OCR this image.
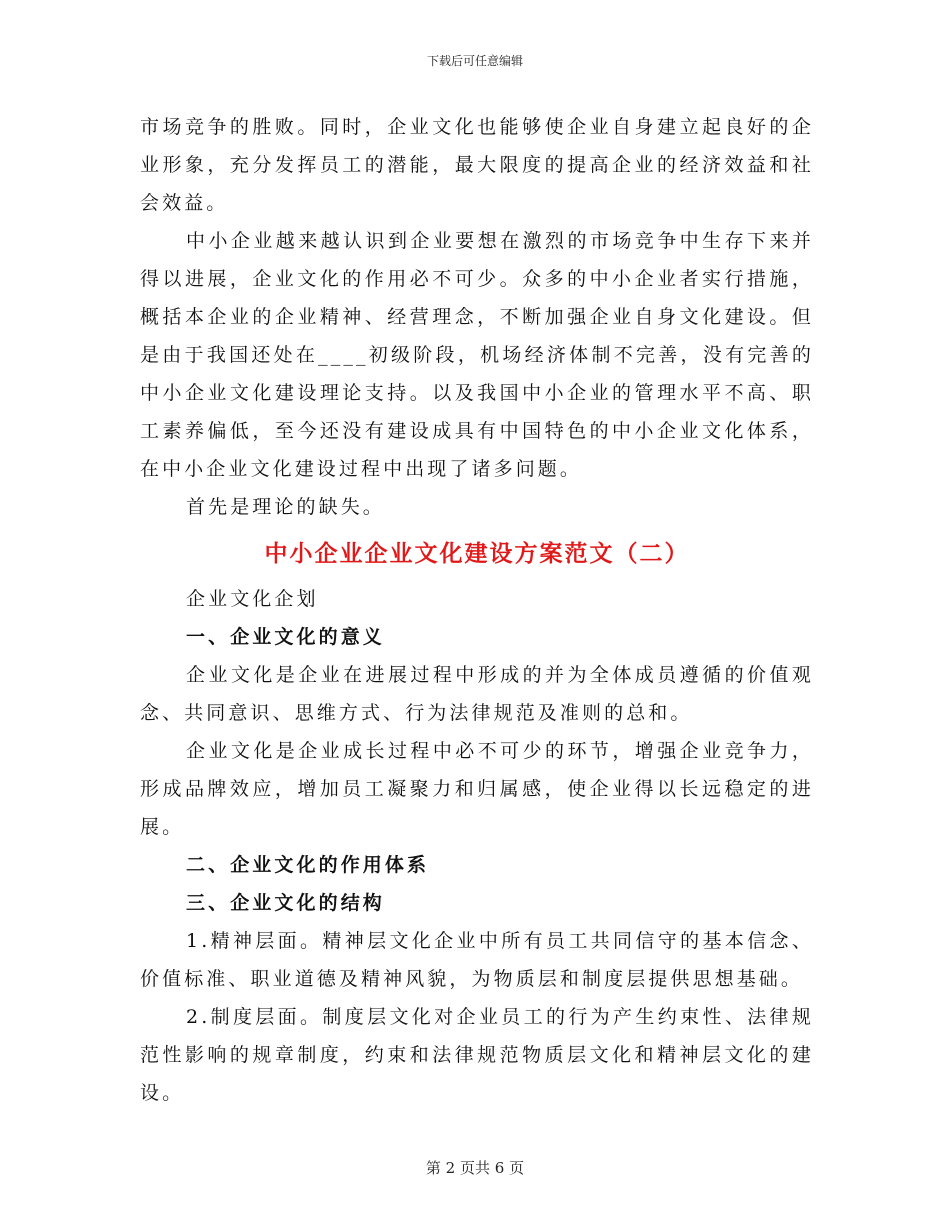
下载后可任意编辑

市场竞争的胜败。同时，企业文化也能够使企业自身建立起良好的企业形象，充分发挥员工的潜能，最大限度的提高企业的经济效益和社会效益。

中小企业越来越认识到企业要想在激烈的市场竞争中生存下来并得以进展，企业文化的作用必不可少。众多的中小企业者实行措施，概括本企业的企业精神、经营理念，不断加强企业自身文化建设。但是由于我国还处在____初级阶段，机场经济体制不完善，没有完善的中小企业文化建设理论支持。以及我国中小企业的管理水平不高、职工素养偏低，至今还没有建设成具有中国特色的中小企业文化体系，在中小企业文化建设过程中出现了诸多问题。

首先是理论的缺失。

中小企业企业文化建设方案范文（二）

企业文化企划

一、企业文化的意义

企业文化是企业在进展过程中形成的并为全体成员遵循的价值观念、共同意识、思维方式、行为法律规范及准则的总和。

企业文化是企业成长过程中必不可少的环节，增强企业竞争力，形成品牌效应，增加员工凝聚力和归属感，使企业得以长远稳定的进展。

二、企业文化的作用体系

三、企业文化的结构

1.精神层面。精神层文化企业中所有员工共同信守的基本信念、价值标准、职业道德及精神风貌，为物质层和制度层提供思想基础。

2.制度层面。制度层文化对企业员工的行为产生约束性、法律规范性影响的规章制度，约束和法律规范物质层文化和精神层文化的建设。

第 2 页共 6 页
